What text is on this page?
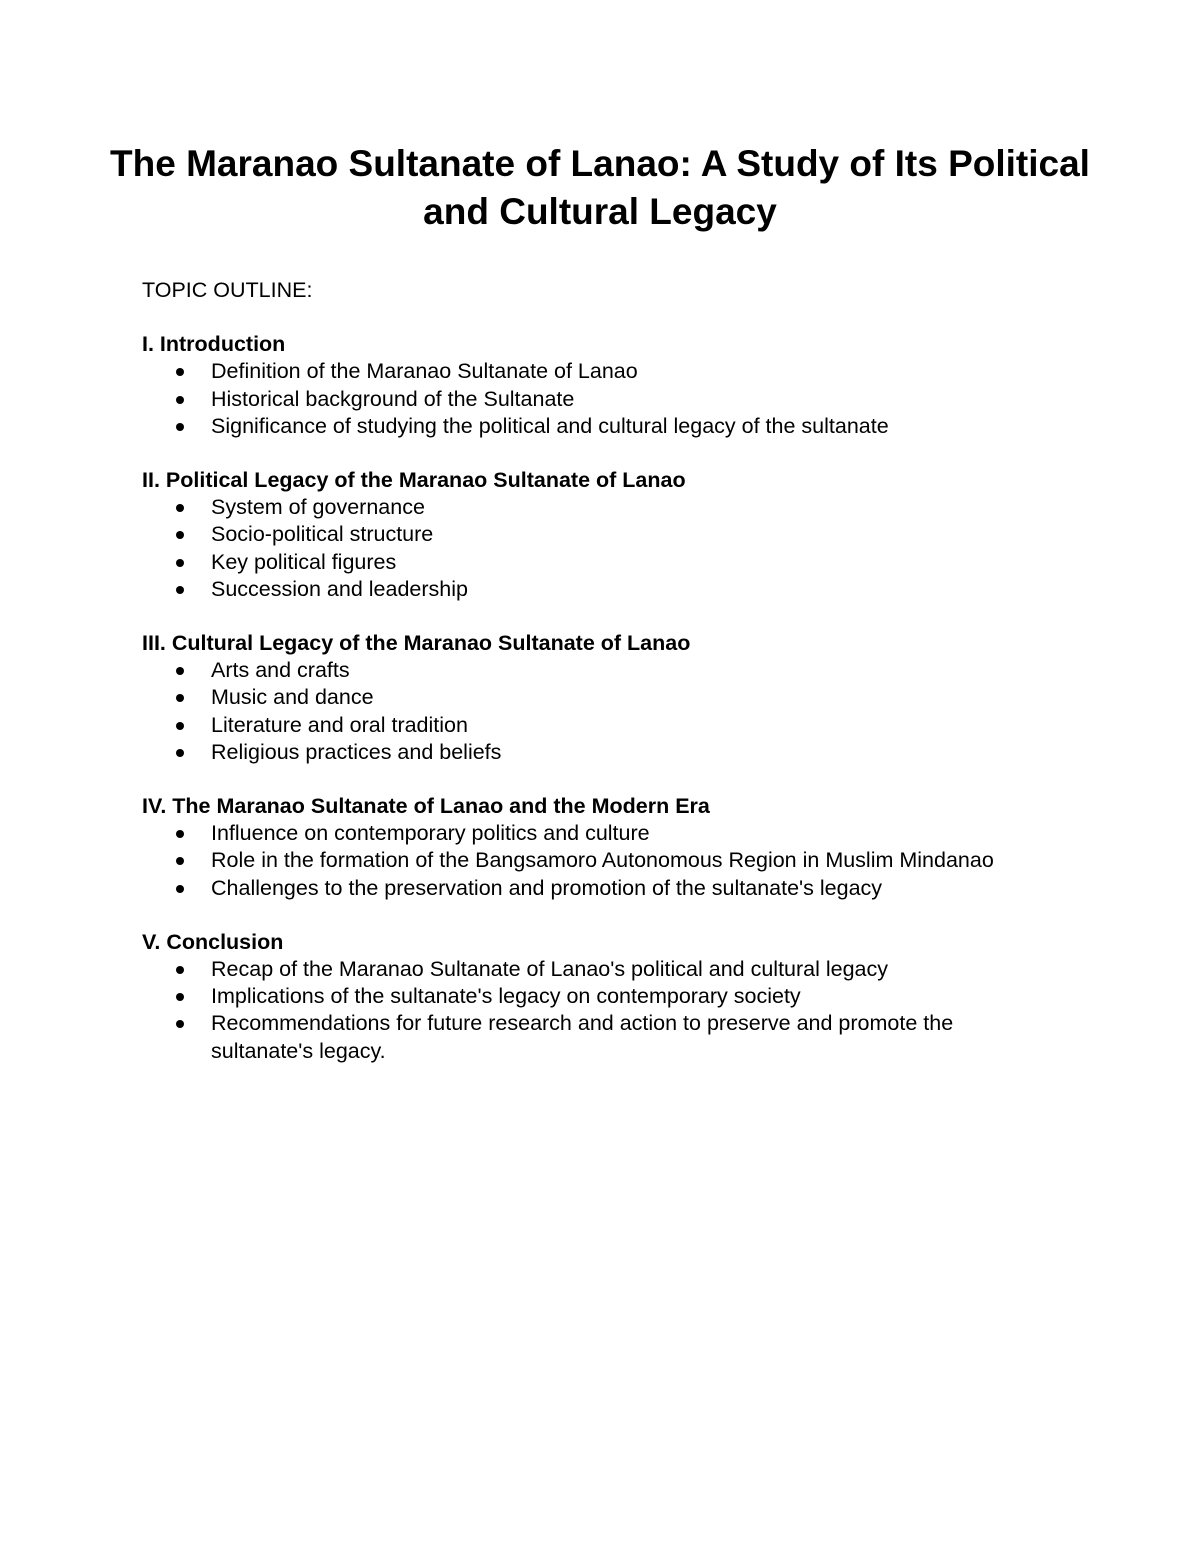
The Maranao Sultanate of Lanao: A Study of Its Political and Cultural Legacy

TOPIC OUTLINE:

I. Introduction

Definition of the Maranao Sultanate of Lanao
Historical background of the Sultanate
Significance of studying the political and cultural legacy of the sultanate

II. Political Legacy of the Maranao Sultanate of Lanao

System of governance
Socio-political structure
Key political figures
Succession and leadership

III. Cultural Legacy of the Maranao Sultanate of Lanao

Arts and crafts
Music and dance
Literature and oral tradition
Religious practices and beliefs

IV. The Maranao Sultanate of Lanao and the Modern Era

Influence on contemporary politics and culture
Role in the formation of the Bangsamoro Autonomous Region in Muslim Mindanao
Challenges to the preservation and promotion of the sultanate's legacy

V. Conclusion

Recap of the Maranao Sultanate of Lanao's political and cultural legacy
Implications of the sultanate's legacy on contemporary society
Recommendations for future research and action to preserve and promote the sultanate's legacy.
